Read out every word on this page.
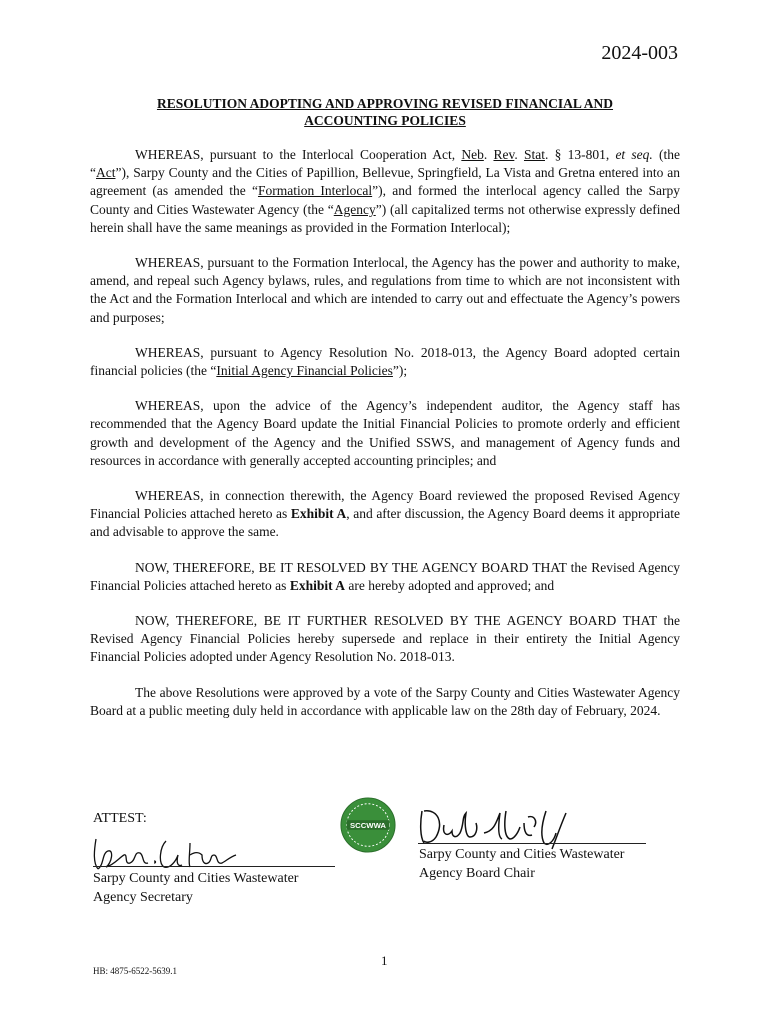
2024-003
RESOLUTION ADOPTING AND APPROVING REVISED FINANCIAL AND
ACCOUNTING POLICIES

WHEREAS, pursuant to the Interlocal Cooperation Act, Neb. Rev. Stat. § 13-801, et seq. (the “Act”), Sarpy County and the Cities of Papillion, Bellevue, Springfield, La Vista and Gretna entered into an agreement (as amended the “Formation Interlocal”), and formed the interlocal agency called the Sarpy County and Cities Wastewater Agency (the “Agency”) (all capitalized terms not otherwise expressly defined herein shall have the same meanings as provided in the Formation Interlocal);

WHEREAS, pursuant to the Formation Interlocal, the Agency has the power and authority to make, amend, and repeal such Agency bylaws, rules, and regulations from time to which are not inconsistent with the Act and the Formation Interlocal and which are intended to carry out and effectuate the Agency’s powers and purposes;

WHEREAS, pursuant to Agency Resolution No. 2018-013, the Agency Board adopted certain financial policies (the “Initial Agency Financial Policies”);

WHEREAS, upon the advice of the Agency’s independent auditor, the Agency staff has recommended that the Agency Board update the Initial Financial Policies to promote orderly and efficient growth and development of the Agency and the Unified SSWS, and management of Agency funds and resources in accordance with generally accepted accounting principles; and

WHEREAS, in connection therewith, the Agency Board reviewed the proposed Revised Agency Financial Policies attached hereto as Exhibit A, and after discussion, the Agency Board deems it appropriate and advisable to approve the same.

NOW, THEREFORE, BE IT RESOLVED BY THE AGENCY BOARD THAT the Revised Agency Financial Policies attached hereto as Exhibit A are hereby adopted and approved; and

NOW, THEREFORE, BE IT FURTHER RESOLVED BY THE AGENCY BOARD THAT the Revised Agency Financial Policies hereby supersede and replace in their entirety the Initial Agency Financial Policies adopted under Agency Resolution No. 2018-013.

The above Resolutions were approved by a vote of the Sarpy County and Cities Wastewater Agency Board at a public meeting duly held in accordance with applicable law on the 28th day of February, 2024.

ATTEST:
Sarpy County and Cities Wastewater
Agency Secretary
SCCWWA
Sarpy County and Cities Wastewater
Agency Board Chair
1
HB: 4875-6522-5639.1
